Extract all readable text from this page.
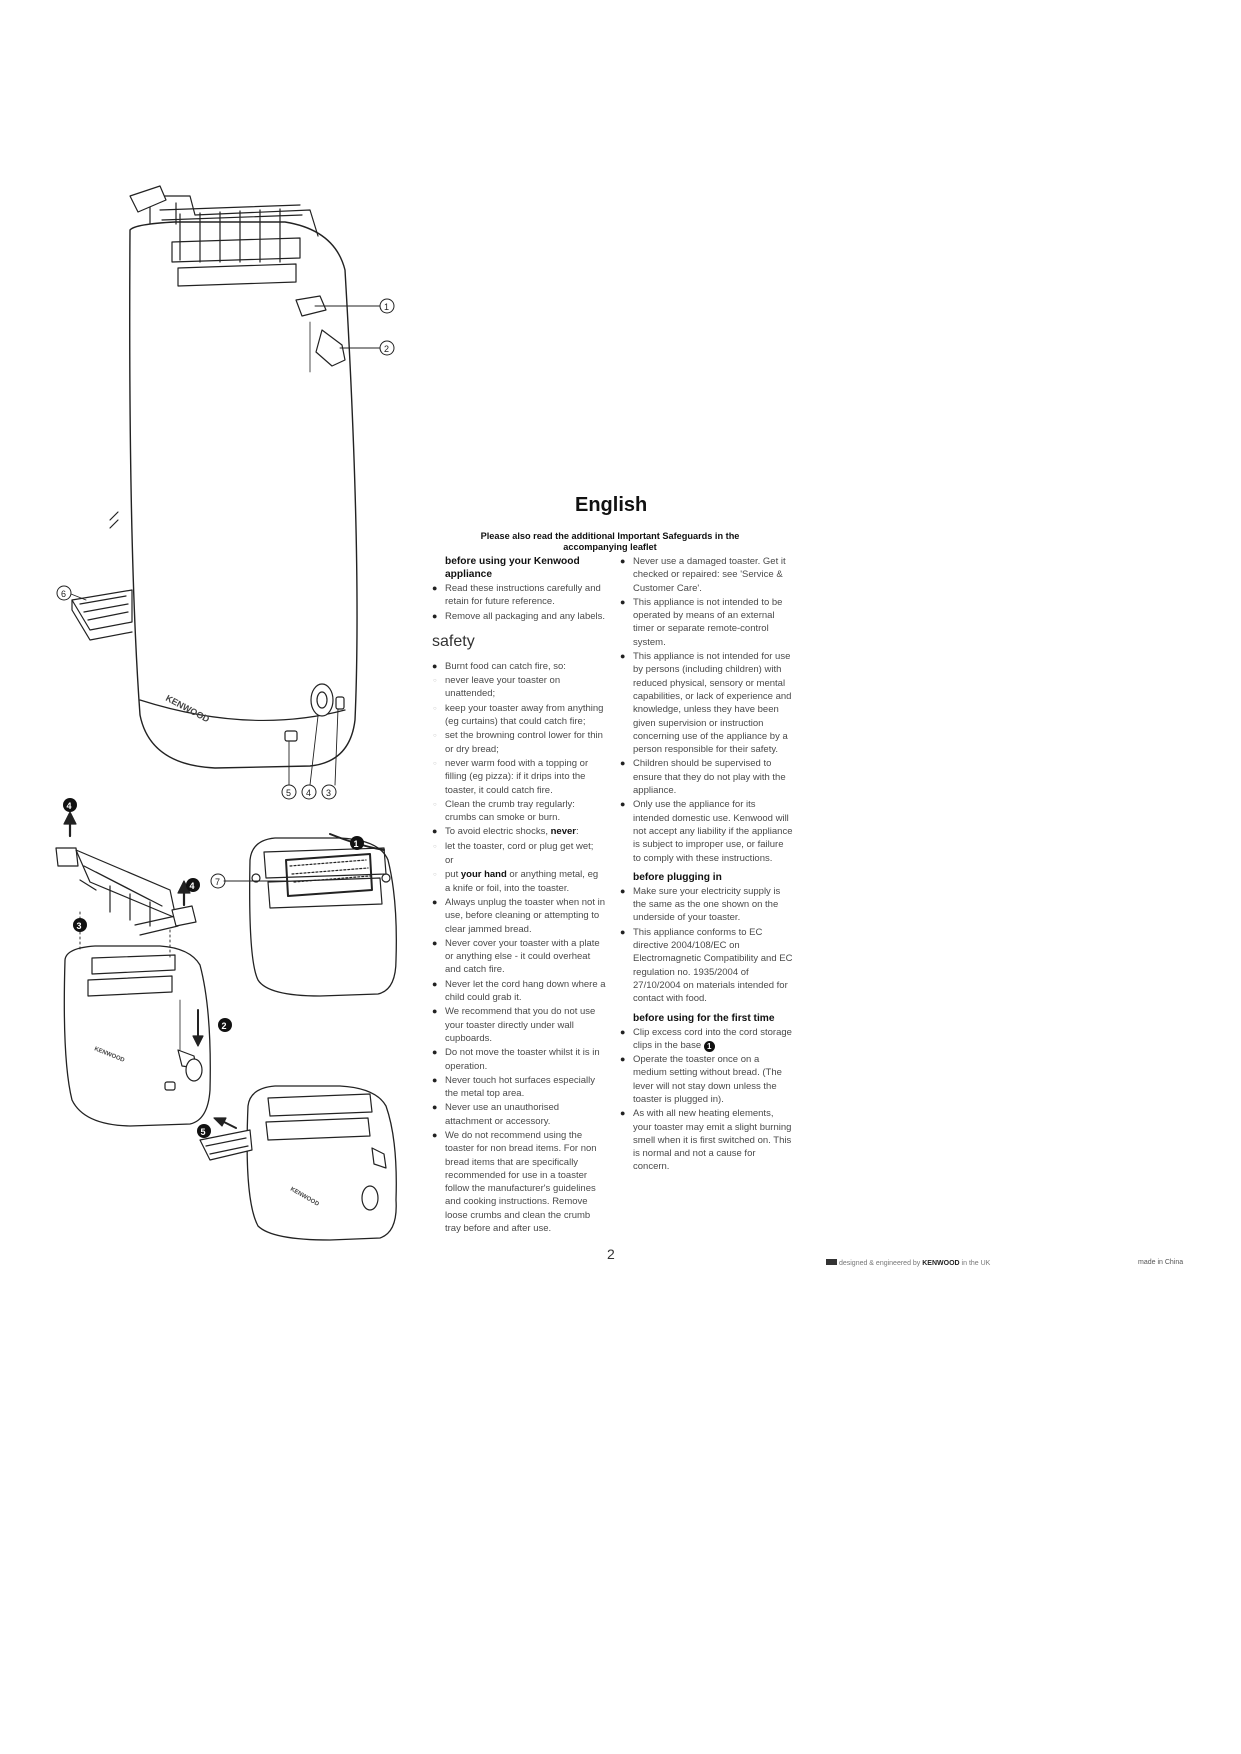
KENWOOD
1
2
6
5 4 3
7
KENWOOD
KENWOOD
4
4
3
2
1
5
English
Please also read the additional Important Safeguards in the
accompanying leaflet
before using your Kenwood appliance
● Read these instructions carefully and retain for future reference.
● Remove all packaging and any labels.
safety
● Burnt food can catch fire, so:
○ never leave your toaster on unattended;
○ keep your toaster away from anything (eg curtains) that could catch fire;
○ set the browning control lower for thin or dry bread;
○ never warm food with a topping or filling (eg pizza): if it drips into the toaster, it could catch fire.
○ Clean the crumb tray regularly: crumbs can smoke or burn.
● To avoid electric shocks, never:
○ let the toaster, cord or plug get wet;
or
○ put your hand or anything metal, eg a knife or foil, into the toaster.
● Always unplug the toaster when not in use, before cleaning or attempting to clear jammed bread.
● Never cover your toaster with a plate or anything else - it could overheat and catch fire.
● Never let the cord hang down where a child could grab it.
● We recommend that you do not use your toaster directly under wall cupboards.
● Do not move the toaster whilst it is in operation.
● Never touch hot surfaces especially the metal top area.
● Never use an unauthorised attachment or accessory.
● We do not recommend using the toaster for non bread items. For non bread items that are specifically recommended for use in a toaster follow the manufacturer's guidelines and cooking instructions. Remove loose crumbs and clean the crumb tray before and after use.
● Never use a damaged toaster. Get it checked or repaired: see 'Service & Customer Care'.
● This appliance is not intended to be operated by means of an external timer or separate remote-control system.
● This appliance is not intended for use by persons (including children) with reduced physical, sensory or mental capabilities, or lack of experience and knowledge, unless they have been given supervision or instruction concerning use of the appliance by a person responsible for their safety.
● Children should be supervised to ensure that they do not play with the appliance.
● Only use the appliance for its intended domestic use. Kenwood will not accept any liability if the appliance is subject to improper use, or failure to comply with these instructions.
before plugging in
● Make sure your electricity supply is the same as the one shown on the underside of your toaster.
● This appliance conforms to EC directive 2004/108/EC on Electromagnetic Compatibility and EC regulation no. 1935/2004 of 27/10/2004 on materials intended for contact with food.
before using for the first time
● Clip excess cord into the cord storage clips in the base 1
● Operate the toaster once on a medium setting without bread. (The lever will not stay down unless the toaster is plugged in).
● As with all new heating elements, your toaster may emit a slight burning smell when it is first switched on. This is normal and not a cause for concern.
2
designed & engineered by KENWOOD in the UK	made in China
